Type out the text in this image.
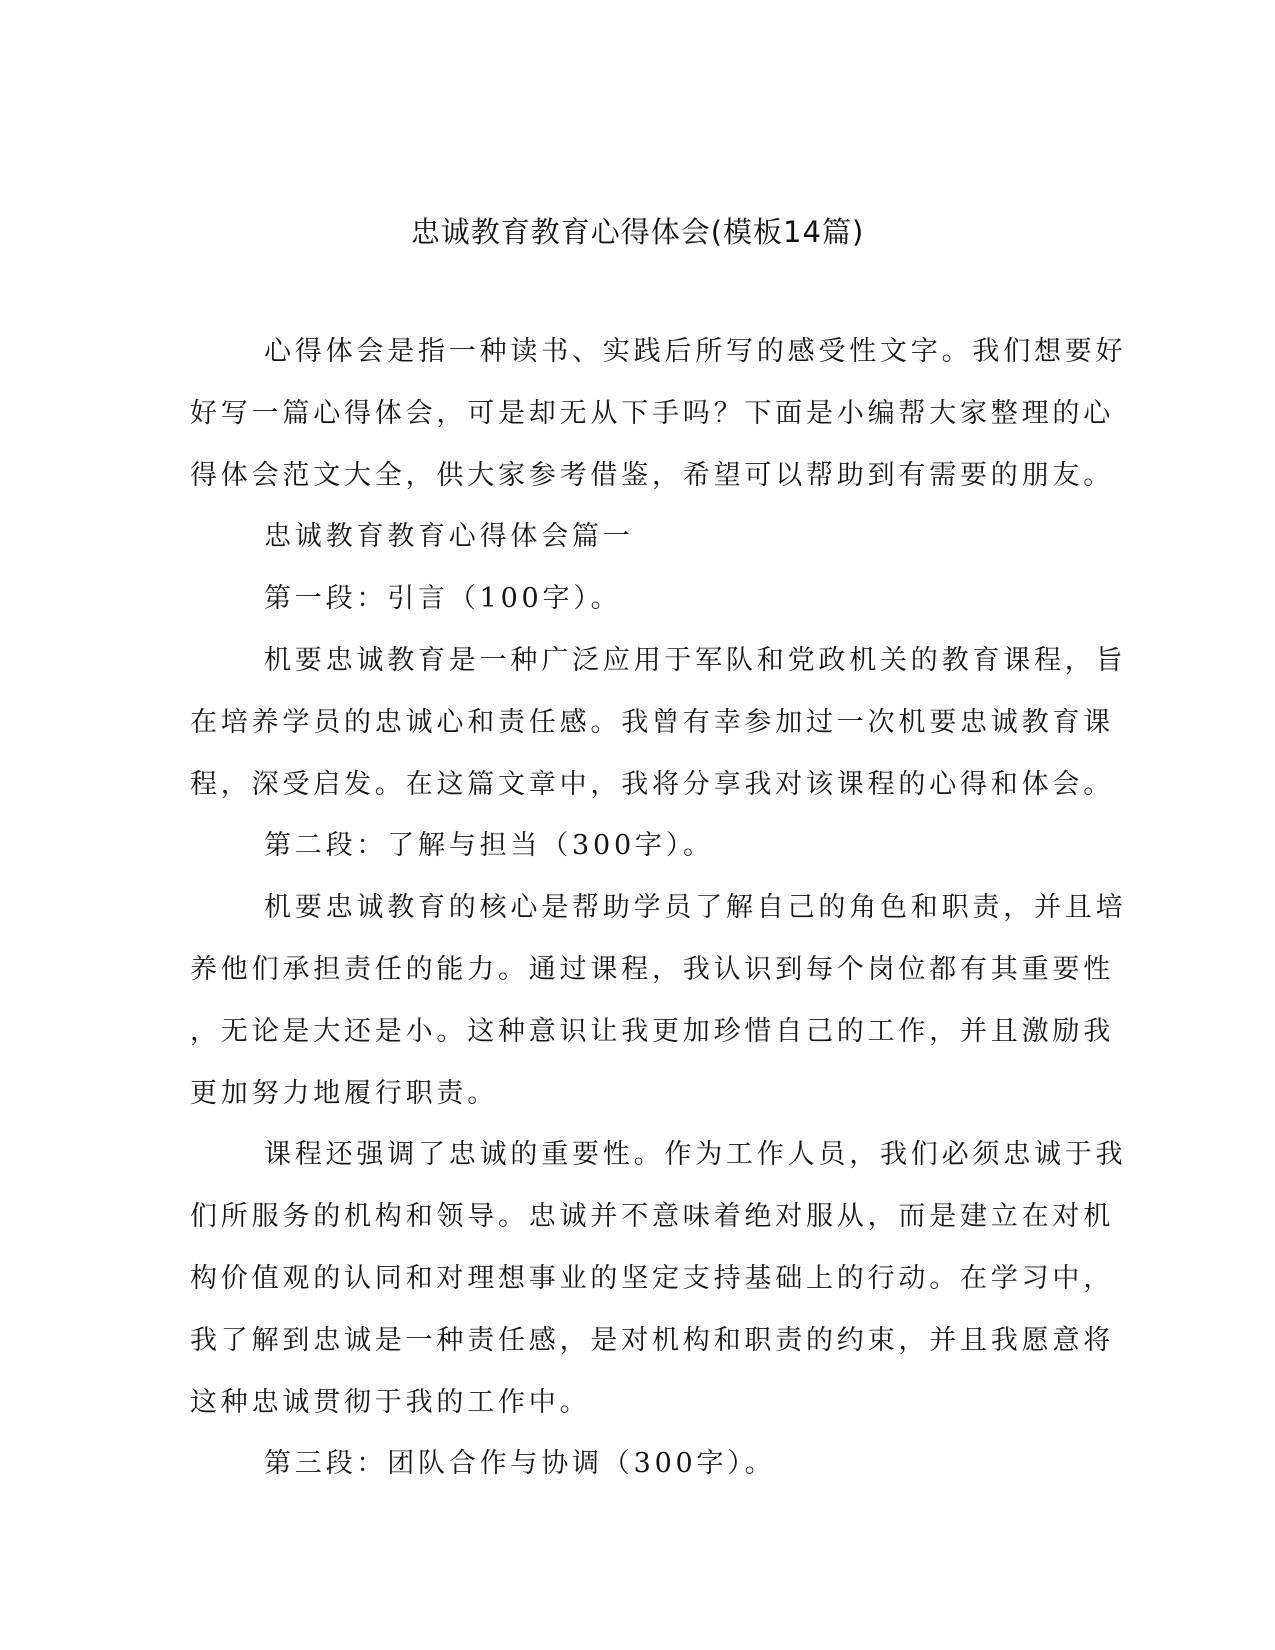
忠诚教育教育心得体会(模板14篇)
心得体会是指一种读书、实践后所写的感受性文字。我们想要好
好写一篇心得体会，可是却无从下手吗？下面是小编帮大家整理的心
得体会范文大全，供大家参考借鉴，希望可以帮助到有需要的朋友。
忠诚教育教育心得体会篇一
第一段：引言（100字）。
机要忠诚教育是一种广泛应用于军队和党政机关的教育课程，旨
在培养学员的忠诚心和责任感。我曾有幸参加过一次机要忠诚教育课
程，深受启发。在这篇文章中，我将分享我对该课程的心得和体会。
第二段：了解与担当（300字）。
机要忠诚教育的核心是帮助学员了解自己的角色和职责，并且培
养他们承担责任的能力。通过课程，我认识到每个岗位都有其重要性
，无论是大还是小。这种意识让我更加珍惜自己的工作，并且激励我
更加努力地履行职责。
课程还强调了忠诚的重要性。作为工作人员，我们必须忠诚于我
们所服务的机构和领导。忠诚并不意味着绝对服从，而是建立在对机
构价值观的认同和对理想事业的坚定支持基础上的行动。在学习中，
我了解到忠诚是一种责任感，是对机构和职责的约束，并且我愿意将
这种忠诚贯彻于我的工作中。
第三段：团队合作与协调（300字）。
